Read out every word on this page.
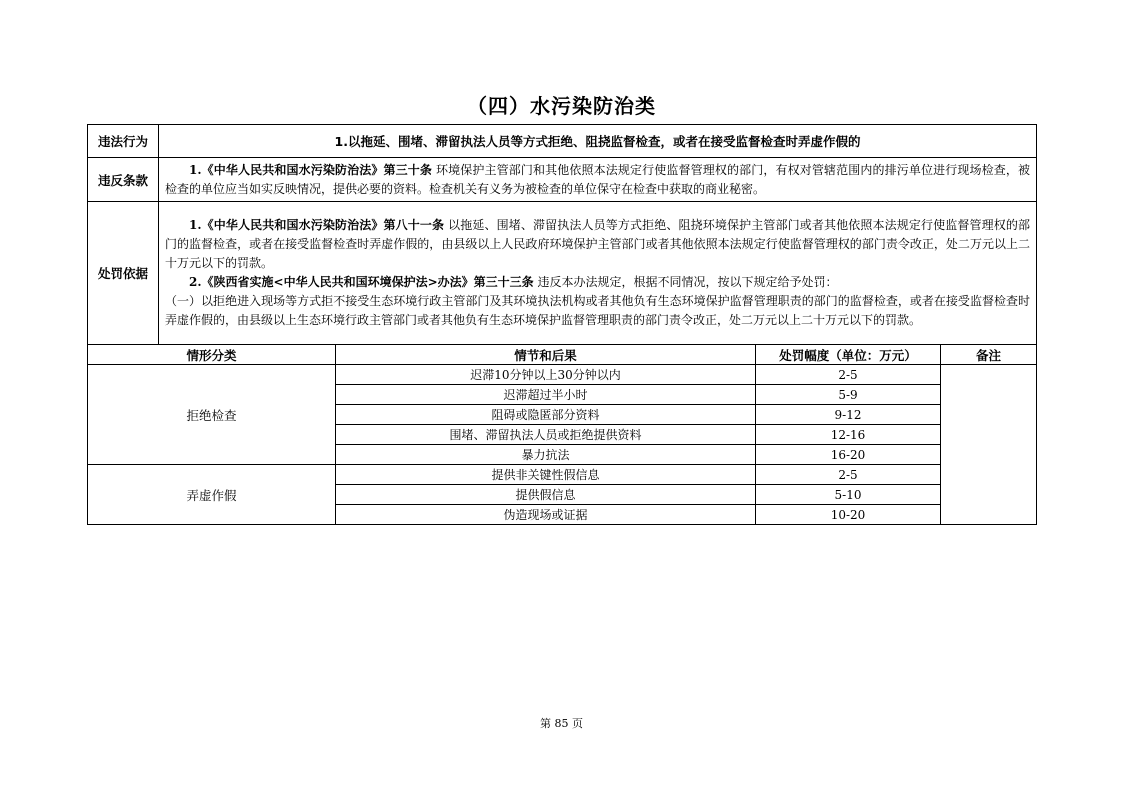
（四）水污染防治类
违法行为	1.以拖延、围堵、滞留执法人员等方式拒绝、阻挠监督检查，或者在接受监督检查时弄虚作假的			
违反条款	1.《中华人民共和国水污染防治法》第三十条 环境保护主管部门和其他依照本法规定行使监督管理权的部门，有权对管辖范围内的排污单位进行现场检查，被检查的单位应当如实反映情况，提供必要的资料。检查机关有义务为被检查的单位保守在检查中获取的商业秘密。			

处罚依据	1.《中华人民共和国水污染防治法》第八十一条 以拖延、围堵、滞留执法人员等方式拒绝、阻挠环境保护主管部门或者其他依照本法规定行使监督管理权的部门的监督检查，或者在接受监督检查时弄虚作假的，由县级以上人民政府环境保护主管部门或者其他依照本法规定行使监督管理权的部门责令改正，处二万元以上二十万元以下的罚款。
2.《陕西省实施<中华人民共和国环境保护法>办法》第三十三条 违反本办法规定，根据不同情况，按以下规定给予处罚：
（一）以拒绝进入现场等方式拒不接受生态环境行政主管部门及其环境执法机构或者其他负有生态环境保护监督管理职责的部门的监督检查，或者在接受监督检查时弄虚作假的，由县级以上生态环境行政主管部门或者其他负有生态环境保护监督管理职责的部门责令改正，处二万元以上二十万元以下的罚款。			

情形分类		情节和后果	处罚幅度（单位：万元）	备注
拒绝检查		迟滞10分钟以上30分钟以内	2-5	
		迟滞超过半小时	5-9	
		阻碍或隐匿部分资料	9-12	
		围堵、滞留执法人员或拒绝提供资料	12-16	
		暴力抗法	16-20	
弄虚作假		提供非关键性假信息	2-5	
		提供假信息	5-10	
		伪造现场或证据	10-20	
第 85 页
